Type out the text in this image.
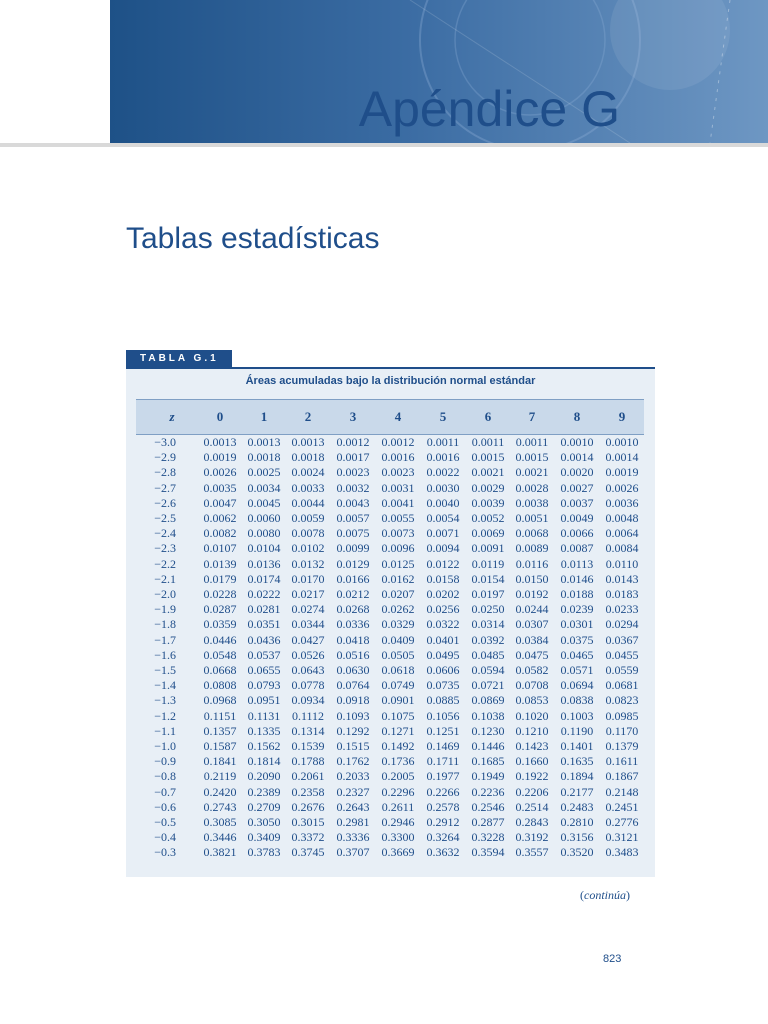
Apéndice G
Tablas estadísticas
TABLA G.1
Áreas acumuladas bajo la distribución normal estándar
z	0	1	2	3	4	5	6	7	8	9
−3.0	0.0013 0.0013 0.0013	0.0012	0.0012	0.0011	0.0011 0.0011	0.0010	0.0010
−2.9	0.0019 0.0018 0.0018	0.0017	0.0016	0.0016	0.0015 0.0015	0.0014	0.0014
−2.8	0.0026 0.0025 0.0024	0.0023	0.0023	0.0022	0.0021 0.0021	0.0020	0.0019
−2.7	0.0035 0.0034 0.0033	0.0032	0.0031	0.0030	0.0029 0.0028	0.0027	0.0026
−2.6	0.0047 0.0045 0.0044	0.0043	0.0041	0.0040	0.0039 0.0038	0.0037	0.0036
−2.5	0.0062 0.0060 0.0059	0.0057	0.0055	0.0054	0.0052 0.0051	0.0049	0.0048
−2.4	0.0082 0.0080 0.0078	0.0075	0.0073	0.0071	0.0069 0.0068	0.0066	0.0064
−2.3	0.0107 0.0104 0.0102	0.0099	0.0096	0.0094	0.0091 0.0089	0.0087	0.0084
−2.2	0.0139 0.0136 0.0132	0.0129	0.0125	0.0122	0.0119 0.0116	0.0113	0.0110
−2.1	0.0179 0.0174 0.0170	0.0166	0.0162	0.0158	0.0154 0.0150	0.0146	0.0143
−2.0	0.0228 0.0222 0.0217	0.0212	0.0207	0.0202	0.0197 0.0192	0.0188	0.0183
−1.9	0.0287 0.0281 0.0274	0.0268	0.0262	0.0256	0.0250 0.0244	0.0239	0.0233
−1.8	0.0359 0.0351 0.0344	0.0336	0.0329	0.0322	0.0314 0.0307	0.0301	0.0294
−1.7	0.0446 0.0436 0.0427	0.0418	0.0409	0.0401	0.0392 0.0384	0.0375	0.0367
−1.6	0.0548 0.0537 0.0526	0.0516	0.0505	0.0495	0.0485 0.0475	0.0465	0.0455
−1.5	0.0668 0.0655 0.0643	0.0630	0.0618	0.0606	0.0594 0.0582	0.0571	0.0559
−1.4	0.0808 0.0793 0.0778	0.0764	0.0749	0.0735	0.0721 0.0708	0.0694	0.0681
−1.3	0.0968 0.0951 0.0934	0.0918	0.0901	0.0885	0.0869 0.0853	0.0838	0.0823
−1.2	0.1151 0.1131 0.1112	0.1093	0.1075	0.1056	0.1038 0.1020	0.1003	0.0985
−1.1	0.1357 0.1335 0.1314	0.1292	0.1271	0.1251	0.1230 0.1210	0.1190	0.1170
−1.0	0.1587 0.1562 0.1539	0.1515	0.1492	0.1469	0.1446 0.1423	0.1401	0.1379
−0.9	0.1841 0.1814 0.1788	0.1762	0.1736	0.1711	0.1685 0.1660	0.1635	0.1611
−0.8	0.2119 0.2090 0.2061	0.2033	0.2005	0.1977	0.1949 0.1922	0.1894	0.1867
−0.7	0.2420 0.2389 0.2358	0.2327	0.2296	0.2266	0.2236 0.2206	0.2177	0.2148
−0.6	0.2743 0.2709 0.2676	0.2643	0.2611	0.2578	0.2546 0.2514	0.2483	0.2451
−0.5	0.3085 0.3050 0.3015	0.2981	0.2946	0.2912	0.2877 0.2843	0.2810	0.2776
−0.4	0.3446 0.3409 0.3372	0.3336	0.3300	0.3264	0.3228 0.3192	0.3156	0.3121
−0.3	0.3821 0.3783 0.3745	0.3707	0.3669	0.3632	0.3594 0.3557	0.3520	0.3483
(continúa)
823
